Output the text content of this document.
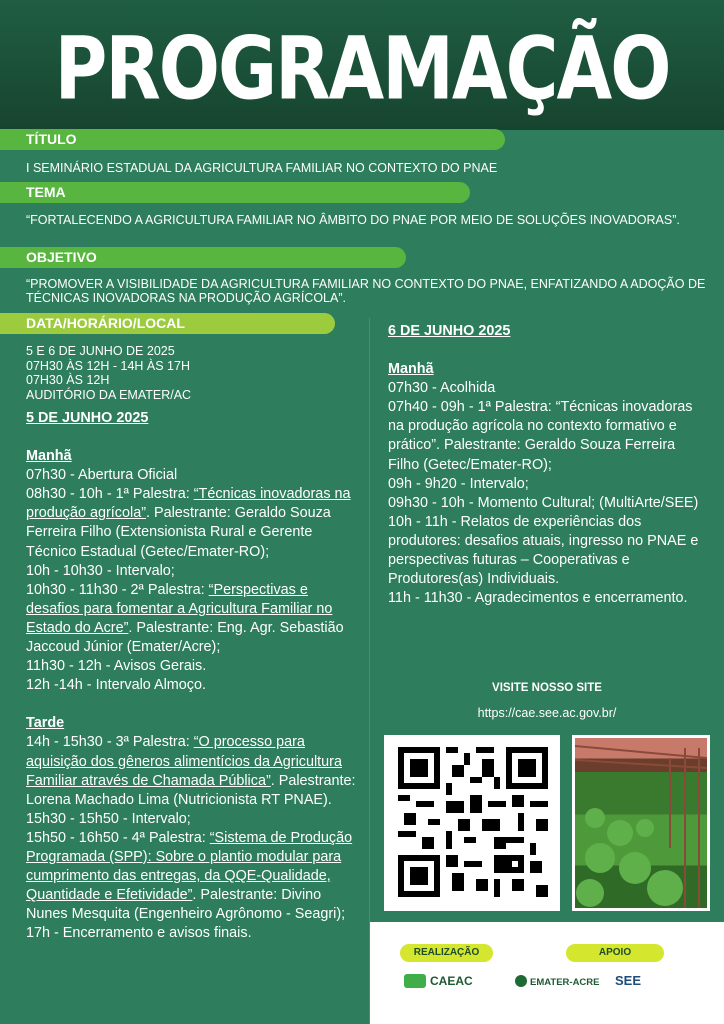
PROGRAMAÇÃO
TÍTULO
I SEMINÁRIO ESTADUAL DA AGRICULTURA FAMILIAR NO CONTEXTO DO PNAE
TEMA
“FORTALECENDO A AGRICULTURA FAMILIAR NO ÂMBITO DO PNAE POR MEIO DE SOLUÇÕES INOVADORAS”.
OBJETIVO
“PROMOVER A VISIBILIDADE DA AGRICULTURA FAMILIAR NO CONTEXTO DO PNAE, ENFATIZANDO A ADOÇÃO DE TÉCNICAS INOVADORAS NA PRODUÇÃO AGRÍCOLA”.
DATA/HORÁRIO/LOCAL
5 E 6 DE JUNHO DE 2025
07H30 ÀS 12H - 14H ÀS 17H
07H30 ÀS 12H
AUDITÓRIO DA EMATER/AC
5 DE JUNHO 2025
Manhã
07h30 - Abertura Oficial
08h30 - 10h - 1ª Palestra: “Técnicas inovadoras na produção agrícola”. Palestrante: Geraldo Souza Ferreira Filho (Extensionista Rural e Gerente Técnico Estadual (Getec/Emater-RO);
10h - 10h30 - Intervalo;
10h30 - 11h30 - 2ª Palestra: “Perspectivas e desafios para fomentar a Agricultura Familiar no Estado do Acre”. Palestrante: Eng. Agr. Sebastião Jaccoud Júnior (Emater/Acre);
11h30 - 12h - Avisos Gerais.
12h -14h - Intervalo Almoço.
Tarde
14h - 15h30 - 3ª Palestra: “O processo para aquisição dos gêneros alimentícios da Agricultura Familiar através de Chamada Pública”. Palestrante: Lorena Machado Lima (Nutricionista RT PNAE).
15h30 - 15h50 - Intervalo;
15h50 - 16h50 - 4ª Palestra: “Sistema de Produção Programada (SPP): Sobre o plantio modular para cumprimento das entregas, da QQE-Qualidade, Quantidade e Efetividade”. Palestrante: Divino Nunes Mesquita (Engenheiro Agrônomo - Seagri);
17h - Encerramento e avisos finais.
6 DE JUNHO 2025
Manhã
07h30 - Acolhida
07h40 - 09h - 1ª Palestra: “Técnicas inovadoras na produção agrícola no contexto formativo e prático”. Palestrante: Geraldo Souza Ferreira Filho (Getec/Emater-RO);
09h - 9h20 - Intervalo;
09h30 - 10h - Momento Cultural; (MultiArte/SEE)
10h - 11h - Relatos de experiências dos produtores: desafios atuais, ingresso no PNAE e perspectivas futuras – Cooperativas e Produtores(as) Individuais.
11h - 11h30 - Agradecimentos e encerramento.
VISITE NOSSO SITE
https://cae.see.ac.gov.br/
REALIZAÇÃO	APOIO
CAEAC	EMATER-ACRE	SEE
